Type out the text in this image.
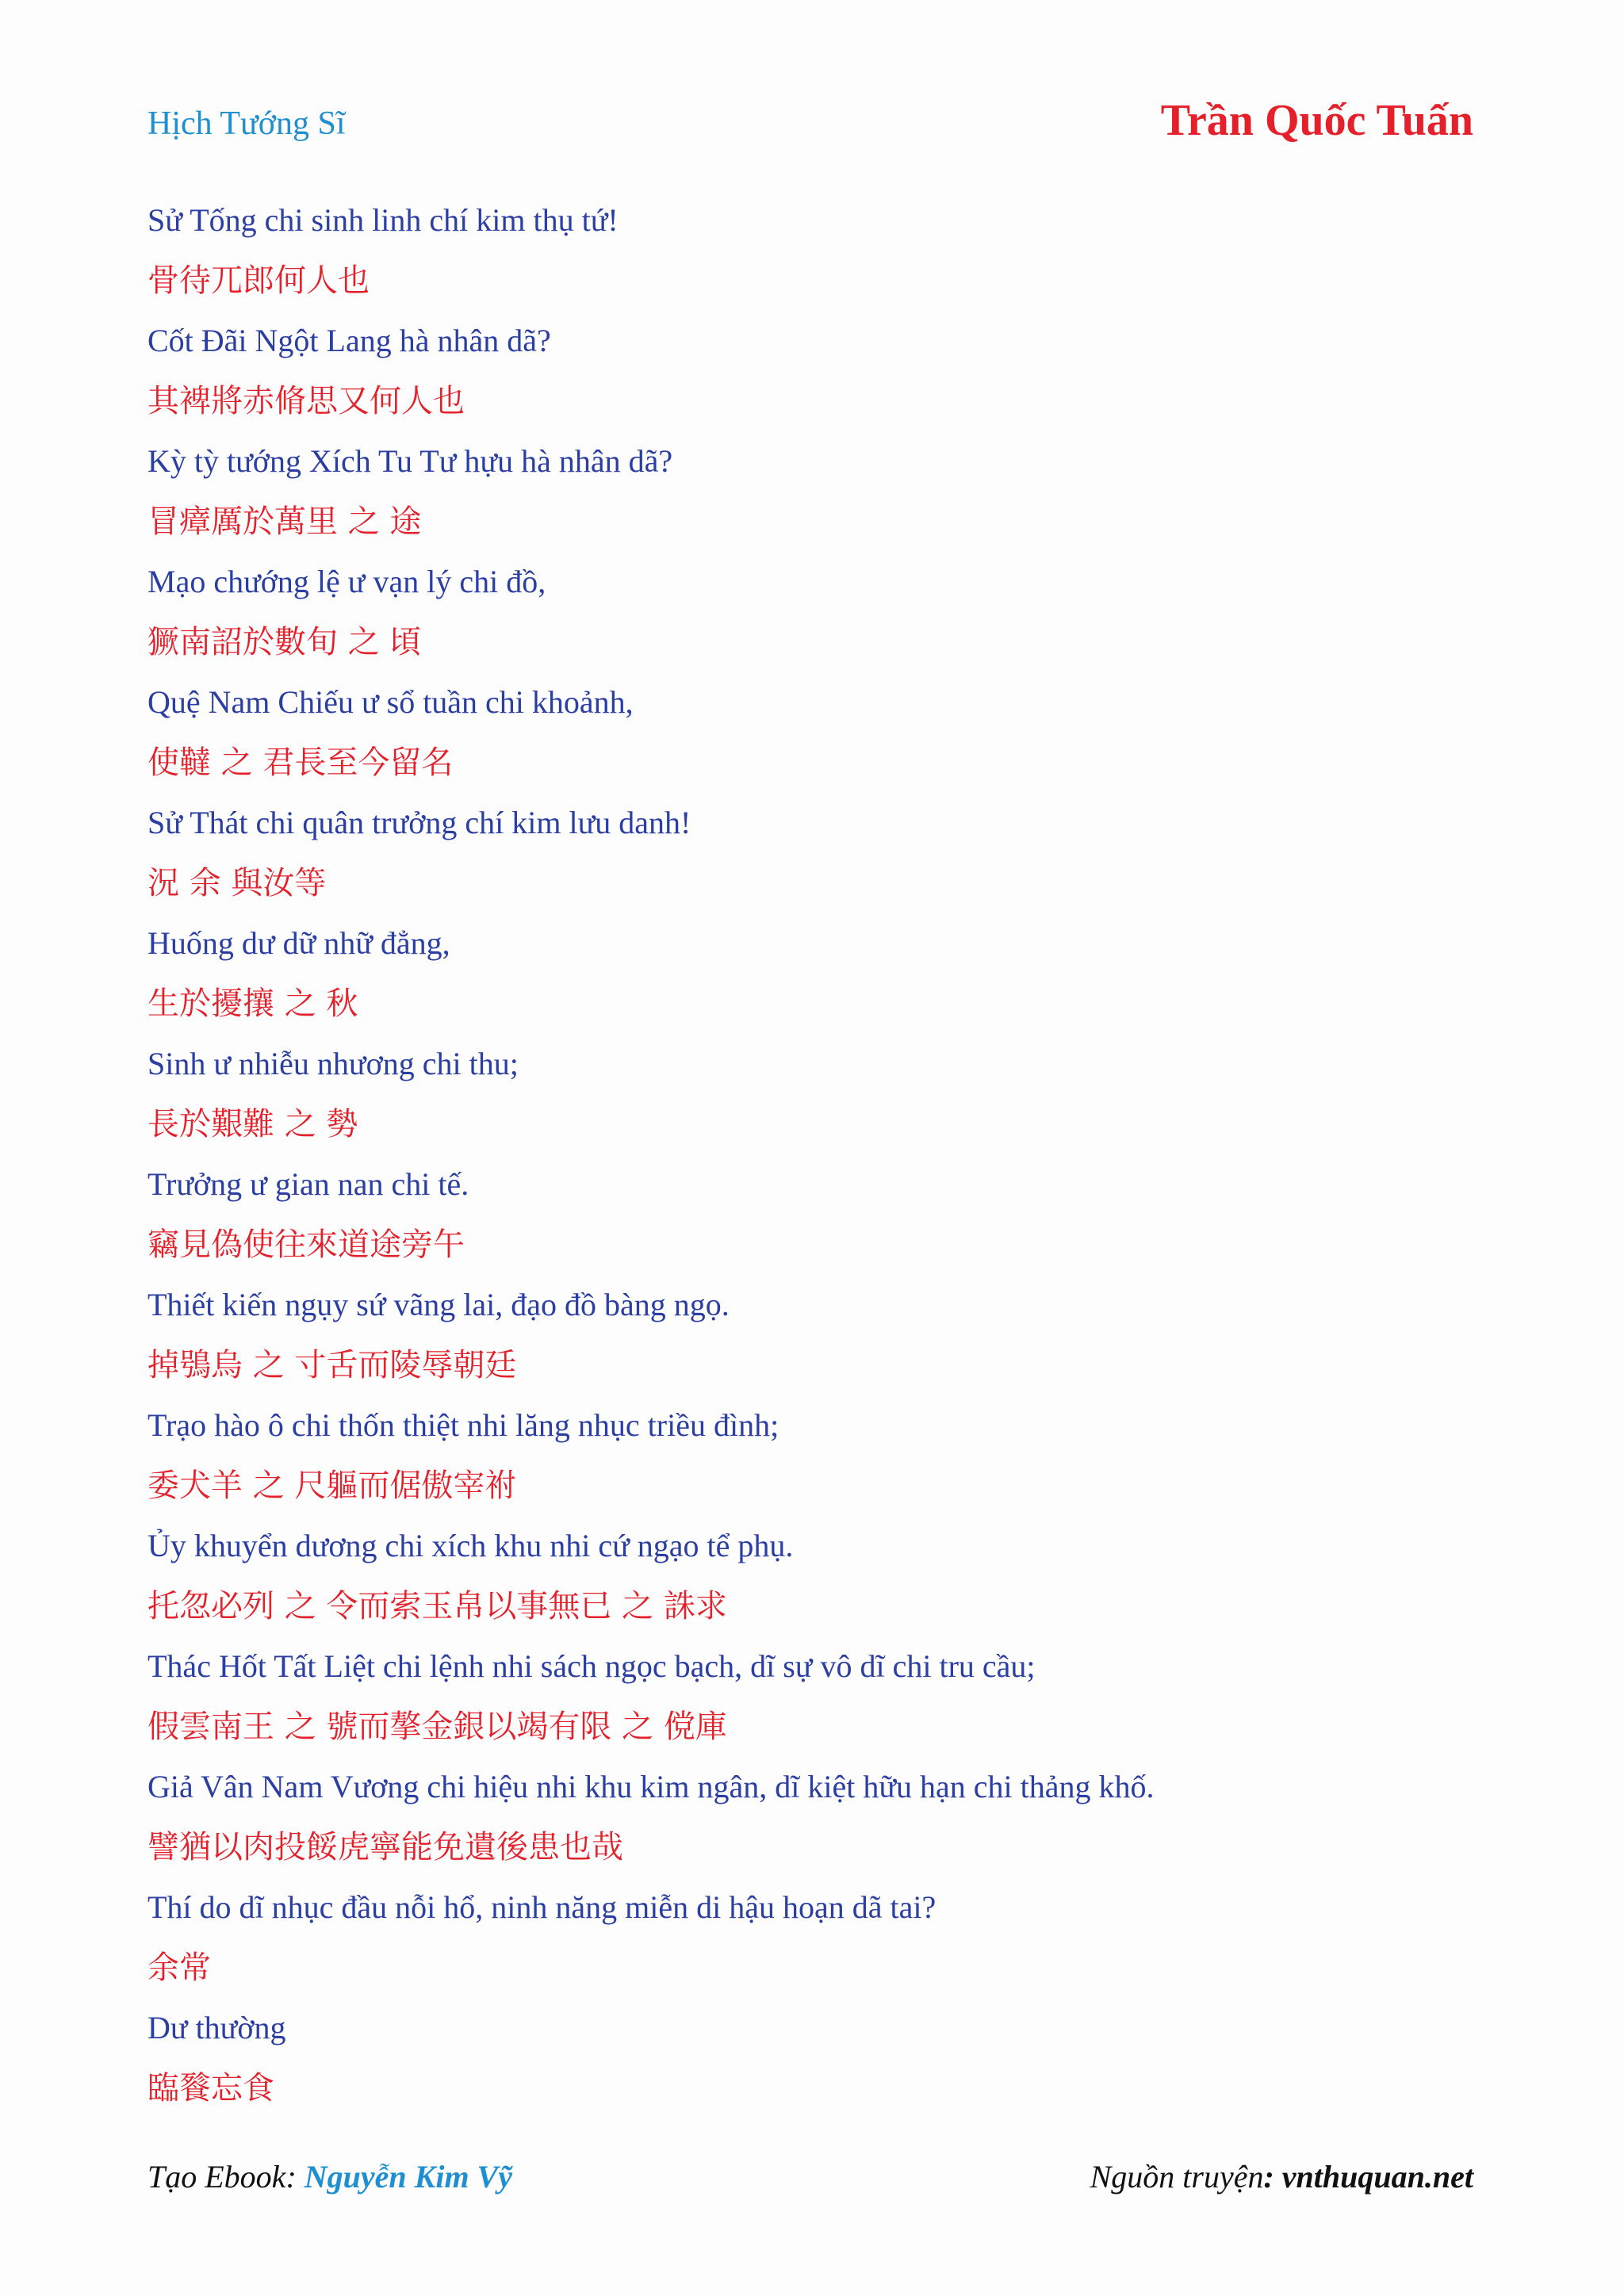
Hịch Tướng Sĩ	Trần Quốc Tuấn
Sử Tống chi sinh linh chí kim thụ tứ!
骨待兀郎何人也
Cốt Đãi Ngột Lang hà nhân dã?
其裨將赤脩思又何人也
Kỳ tỳ tướng Xích Tu Tư hựu hà nhân dã?
冒瘴厲於萬里 之 途
Mạo chướng lệ ư vạn lý chi đồ,
獗南詔於數旬 之 頃
Quệ Nam Chiếu ư sổ tuần chi khoảnh,
使韃 之 君長至今留名
Sử Thát chi quân trưởng chí kim lưu danh!
況 余 與汝等
Huống dư dữ nhữ đẳng,
生於擾攘 之 秋
Sinh ư nhiễu nhương chi thu;
長於艱難 之 勢
Trưởng ư gian nan chi tế.
竊見偽使往來道途旁午
Thiết kiến ngụy sứ vãng lai, đạo đồ bàng ngọ.
掉鴞烏 之 寸舌而陵辱朝廷
Trạo hào ô chi thốn thiệt nhi lăng nhục triều đình;
委犬羊 之 尺軀而倨傲宰祔
Ủy khuyển dương chi xích khu nhi cứ ngạo tể phụ.
托忽必列 之 令而索玉帛以事無已 之 誅求
Thác Hốt Tất Liệt chi lệnh nhi sách ngọc bạch, dĩ sự vô dĩ chi tru cầu;
假雲南王 之 號而摮金銀以竭有限 之 傥庫
Giả Vân Nam Vương chi hiệu nhi khu kim ngân, dĩ kiệt hữu hạn chi thảng khố.
譬猶以肉投餒虎寧能免遺後患也哉
Thí do dĩ nhục đầu nỗi hổ, ninh năng miễn di hậu hoạn dã tai?
余常
Dư thường
臨餮忘食
Tạo Ebook: Nguyễn Kim Vỹ	Nguồn truyện: vnthuquan.net
